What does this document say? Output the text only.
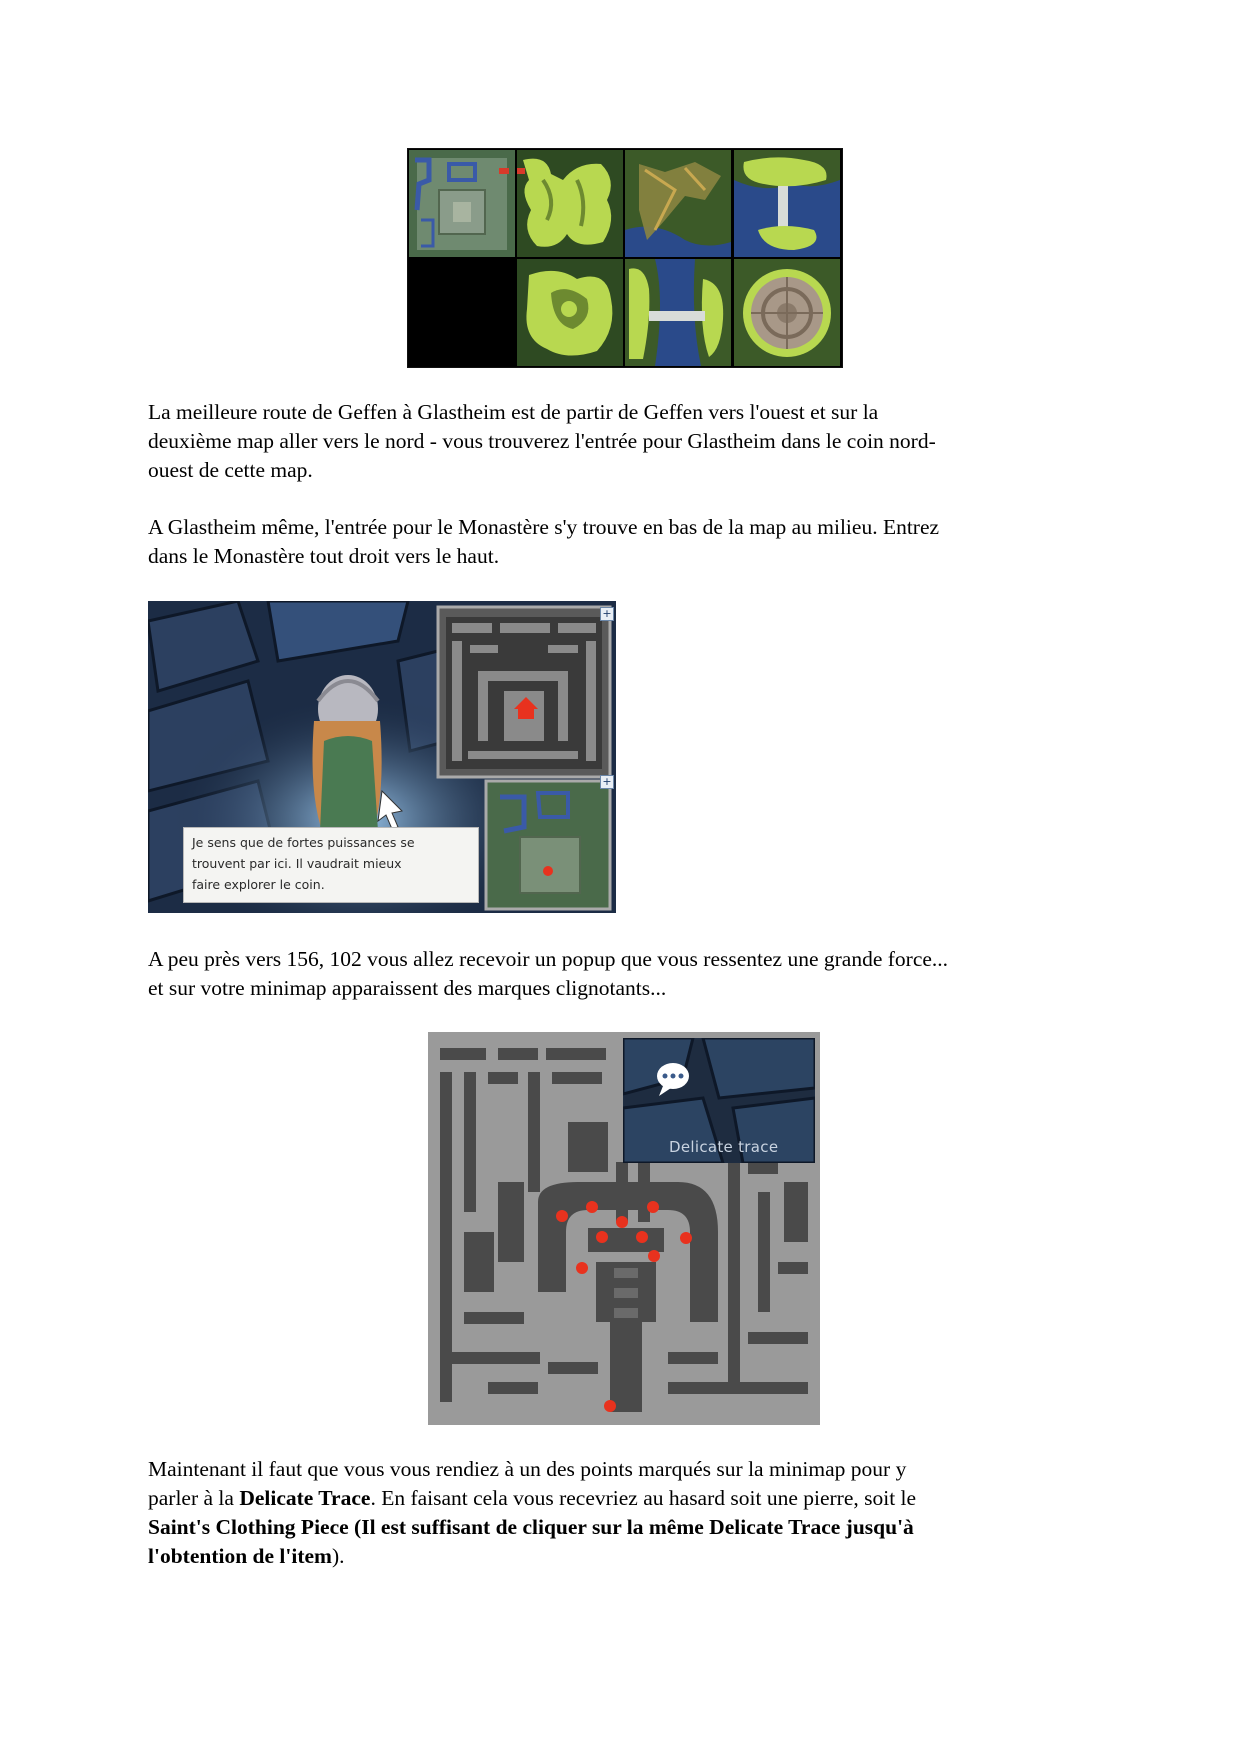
La meilleure route de Geffen à Glastheim est de partir de Geffen vers l'ouest et sur la
deuxième map aller vers le nord - vous trouverez l'entrée pour Glastheim dans le coin nord-
ouest de cette map.
A Glastheim même, l'entrée pour le Monastère s'y trouve en bas de la map au milieu. Entrez
dans le Monastère tout droit vers le haut.
+
+
Je sens que de fortes puissances se
trouvent par ici. Il vaudrait mieux
faire explorer le coin.
A peu près vers 156, 102 vous allez recevoir un popup que vous ressentez une grande force...
et sur votre minimap apparaissent des marques clignotants...
Delicate trace
Maintenant il faut que vous vous rendiez à un des points marqués sur la minimap pour y
parler à la Delicate Trace. En faisant cela vous recevriez au hasard soit une pierre, soit le
Saint's Clothing Piece (Il est suffisant de cliquer sur la même Delicate Trace jusqu'à
l'obtention de l'item).
